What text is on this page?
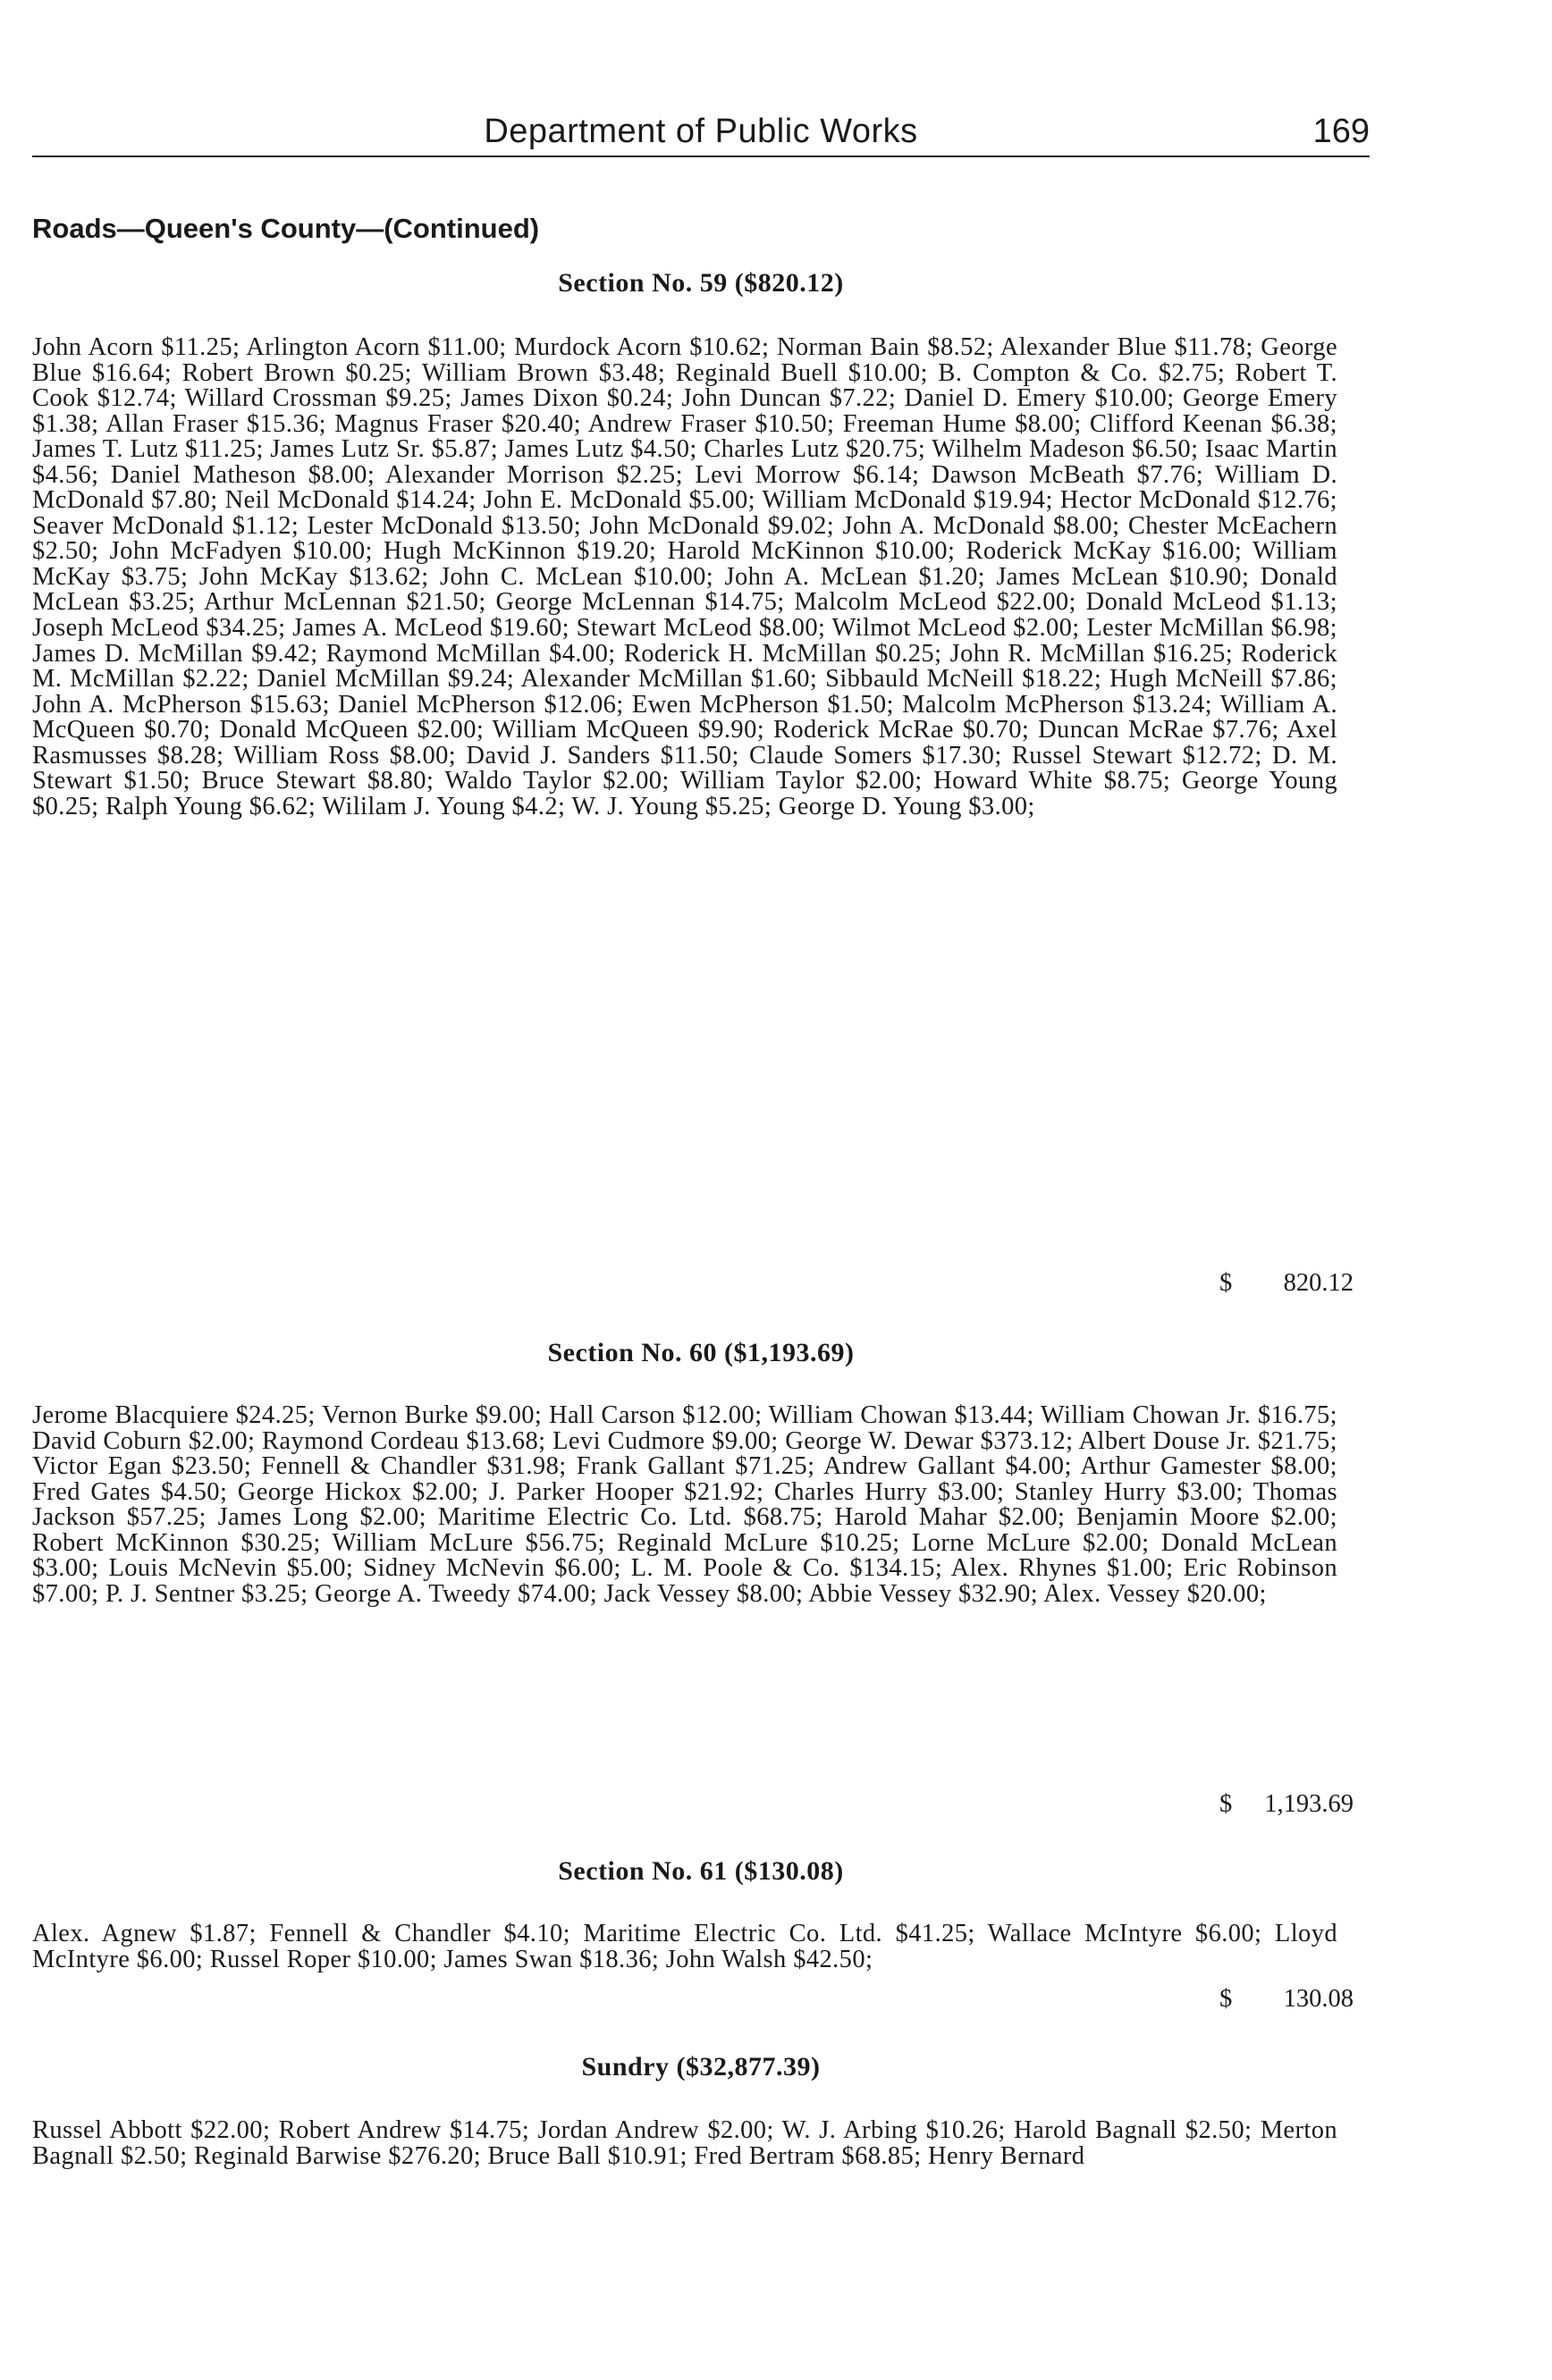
Department of Public Works	169
Roads—Queen's County—(Continued)
Section No. 59 ($820.12)
John Acorn $11.25; Arlington Acorn $11.00; Murdock Acorn $10.62; Norman Bain $8.52; Alexander Blue $11.78; George Blue $16.64; Robert Brown $0.25; William Brown $3.48; Reginald Buell $10.00; B. Compton & Co. $2.75; Robert T. Cook $12.74; Willard Crossman $9.25; James Dixon $0.24; John Duncan $7.22; Daniel D. Emery $10.00; George Emery $1.38; Allan Fraser $15.36; Magnus Fraser $20.40; Andrew Fraser $10.50; Freeman Hume $8.00; Clifford Keenan $6.38; James T. Lutz $11.25; James Lutz Sr. $5.87; James Lutz $4.50; Charles Lutz $20.75; Wilhelm Madeson $6.50; Isaac Martin $4.56; Daniel Matheson $8.00; Alexander Morrison $2.25; Levi Morrow $6.14; Dawson McBeath $7.76; William D. McDonald $7.80; Neil McDonald $14.24; John E. McDonald $5.00; William McDonald $19.94; Hector McDonald $12.76; Seaver McDonald $1.12; Lester McDonald $13.50; John McDonald $9.02; John A. McDonald $8.00; Chester McEachern $2.50; John McFadyen $10.00; Hugh McKinnon $19.20; Harold McKinnon $10.00; Roderick McKay $16.00; William McKay $3.75; John McKay $13.62; John C. McLean $10.00; John A. McLean $1.20; James McLean $10.90; Donald McLean $3.25; Arthur McLennan $21.50; George McLennan $14.75; Malcolm McLeod $22.00; Donald McLeod $1.13; Joseph McLeod $34.25; James A. McLeod $19.60; Stewart McLeod $8.00; Wilmot McLeod $2.00; Lester McMillan $6.98; James D. McMillan $9.42; Raymond McMillan $4.00; Roderick H. McMillan $0.25; John R. McMillan $16.25; Roderick M. McMillan $2.22; Daniel McMillan $9.24; Alexander McMillan $1.60; Sibbauld McNeill $18.22; Hugh McNeill $7.86; John A. McPherson $15.63; Daniel McPherson $12.06; Ewen McPherson $1.50; Malcolm McPherson $13.24; William A. McQueen $0.70; Donald McQueen $2.00; William McQueen $9.90; Roderick McRae $0.70; Duncan McRae $7.76; Axel Rasmusses $8.28; William Ross $8.00; David J. Sanders $11.50; Claude Somers $17.30; Russel Stewart $12.72; D. M. Stewart $1.50; Bruce Stewart $8.80; Waldo Taylor $2.00; William Taylor $2.00; Howard White $8.75; George Young $0.25; Ralph Young $6.62; Wililam J. Young $4.2; W. J. Young $5.25; George D. Young $3.00;
$ 820.12
Section No. 60 ($1,193.69)
Jerome Blacquiere $24.25; Vernon Burke $9.00; Hall Carson $12.00; William Chowan $13.44; William Chowan Jr. $16.75; David Coburn $2.00; Raymond Cordeau $13.68; Levi Cudmore $9.00; George W. Dewar $373.12; Albert Douse Jr. $21.75; Victor Egan $23.50; Fennell & Chandler $31.98; Frank Gallant $71.25; Andrew Gallant $4.00; Arthur Gamester $8.00; Fred Gates $4.50; George Hickox $2.00; J. Parker Hooper $21.92; Charles Hurry $3.00; Stanley Hurry $3.00; Thomas Jackson $57.25; James Long $2.00; Maritime Electric Co. Ltd. $68.75; Harold Mahar $2.00; Benjamin Moore $2.00; Robert McKinnon $30.25; William McLure $56.75; Reginald McLure $10.25; Lorne McLure $2.00; Donald McLean $3.00; Louis McNevin $5.00; Sidney McNevin $6.00; L. M. Poole & Co. $134.15; Alex. Rhynes $1.00; Eric Robinson $7.00; P. J. Sentner $3.25; George A. Tweedy $74.00; Jack Vessey $8.00; Abbie Vessey $32.90; Alex. Vessey $20.00;
$ 1,193.69
Section No. 61 ($130.08)
Alex. Agnew $1.87; Fennell & Chandler $4.10; Maritime Electric Co. Ltd. $41.25; Wallace McIntyre $6.00; Lloyd McIntyre $6.00; Russel Roper $10.00; James Swan $18.36; John Walsh $42.50;
$ 130.08
Sundry ($32,877.39)
Russel Abbott $22.00; Robert Andrew $14.75; Jordan Andrew $2.00; W. J. Arbing $10.26; Harold Bagnall $2.50; Merton Bagnall $2.50; Reginald Barwise $276.20; Bruce Ball $10.91; Fred Bertram $68.85; Henry Bernard
